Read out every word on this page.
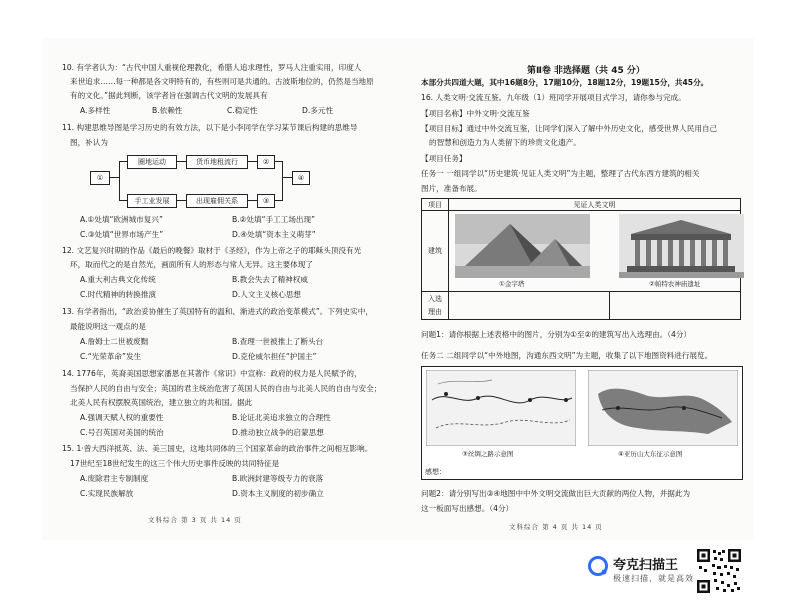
10. 有学者认为：“古代中国人重视伦理教化，希腊人追求理性，罗马人注重实用，印度人
来世追求……每一种都是各文明特有的，有些则可是共通的。古波斯地位的，仍然是当地原
有的文化。”据此判断，该学者旨在强调古代文明的发展具有
A.多样性	B.依赖性	C.稳定性	D.多元性
11. 构建思维导图是学习历史的有效方法，以下是小李同学在学习某节课后构建的思维导
图，补认为
①
圈地运动
手工业发展
货币地租流行
出现雇佣关系
②
③
④
A.①处填“欧洲城市复兴”	B.②处填“手工工场出现”
C.③处填“世界市场产生”	D.④处填“资本主义萌芽”
12. 文艺复兴时期的作品《最后的晚餐》取材于《圣经》，作为上帝之子的耶稣头顶没有光
环，取而代之的是自然光，画面所有人的形态与常人无异。这主要体现了
A.重大利古典文化传统	B.教会失去了精神权威
C.时代精神的转换推演	D.人文主义核心思想
13. 有学者指出，“政治妥协催生了英国特有的温和、渐进式的政治变革模式”。下列史实中，
最能说明这一观点的是
A.詹姆士二世被废黜	B.查理一世被推上了断头台
C.“光荣革命”发生	D.克伦威尔担任“护国主”
14. 1776年，英裔美国思想家潘恩在其著作《常识》中宣称：政府的权力是人民赋予的，
当保护人民的自由与安全；英国的君主统治危害了英国人民的自由与北美人民的自由与安全；
北美人民有权摆脱英国统治，建立独立的共和国。据此
A.强调天赋人权的重要性	B.论证北美追求独立的合理性
C.号召英国对美国的统治	D.推动独立战争的启蒙思想
15. 1·曾大西洋抵英、法、美三国史，这地共同体的三个国家革命的政治事件之间相互影响。
17世纪至18世纪发生的这三个伟大历史事件反映的共同特征是
A.废除君主专制制度	B.欧洲封建等级专力的衰落
C.实现民族解放	D.资本主义制度的初步确立
文科综合 第 3 页 共 14 页
第Ⅱ卷 非选择题（共 45 分）
本部分共四道大题，其中16题8分，17题10分，18题12分，19题15分，共45分。
16. 人类文明·交流互鉴。九年级（1）班同学开展项目式学习，请你参与完成。
【项目名称】中外文明·交流互鉴
【项目目标】通过中外交流互鉴，让同学们深入了解中外历史文化，感受世界人民用自己
的智慧和创造力为人类留下的珍贵文化遗产。
【项目任务】
任务一 一组同学以“历史建筑·见证人类文明”为主题，整理了古代东西方建筑的相关
图片，准备布展。
项目	见证人类文明
建筑	①金字塔 ②帕特农神庙遗址

入选
理由	

问题1：请你根据上述表格中的图片，分别为①至②的建筑写出入选理由。（4分）
任务二 二组同学以“中外地图，沟通东西文明”为主题，收集了以下地图资料进行展览。
③丝绸之路示意图	④亚历山大东征示意图
感想：
问题2：请分别写出③④地图中中外文明交流做出巨大贡献的两位人物，并据此为
这一板面写出感想。（4分）
文科综合 第 4 页 共 14 页
夸克扫描王
极速扫描，就是高效
